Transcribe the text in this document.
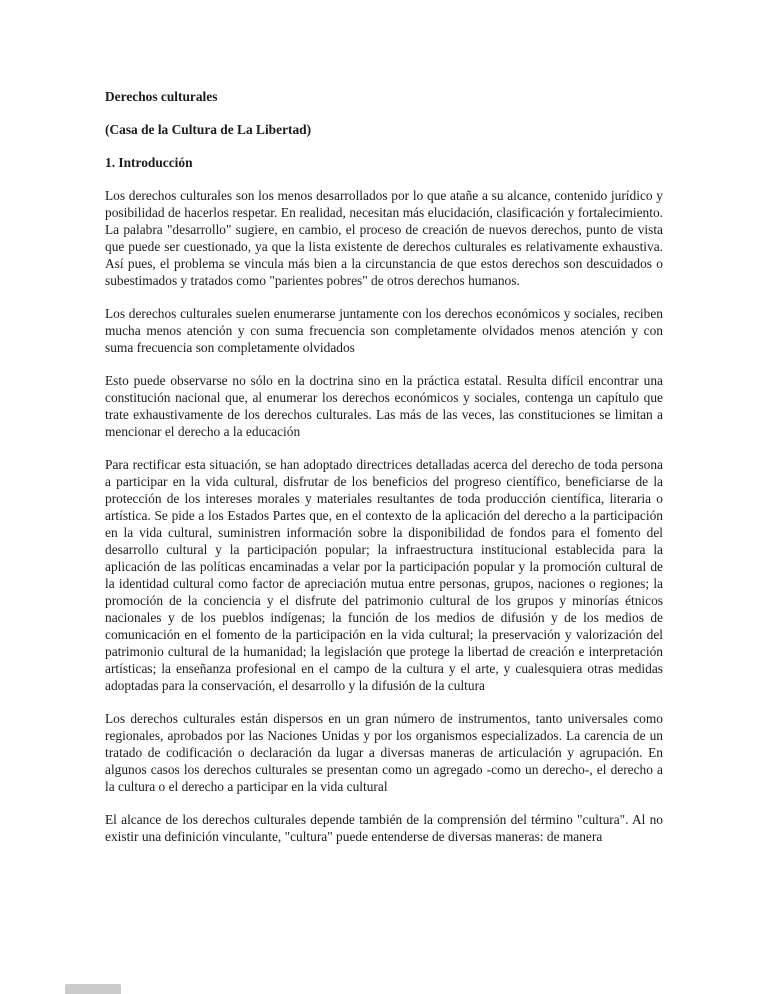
Derechos culturales

(Casa de la Cultura de La Libertad)

1. Introducción

Los derechos culturales son los menos desarrollados por lo que atañe a su alcance, contenido jurídico y posibilidad de hacerlos respetar. En realidad, necesitan más elucidación, clasificación y fortalecimiento. La palabra "desarrollo" sugiere, en cambio, el proceso de creación de nuevos derechos, punto de vista que puede ser cuestionado, ya que la lista existente de derechos culturales es relativamente exhaustiva. Así pues, el problema se vincula más bien a la circunstancia de que estos derechos son descuidados o subestimados y tratados como "parientes pobres" de otros derechos humanos.

Los derechos culturales suelen enumerarse juntamente con los derechos económicos y sociales, reciben mucha menos atención y con suma frecuencia son completamente olvidados menos atención y con suma frecuencia son completamente olvidados

Esto puede observarse no sólo en la doctrina sino en la práctica estatal. Resulta difícil encontrar una constitución nacional que, al enumerar los derechos económicos y sociales, contenga un capítulo que trate exhaustivamente de los derechos culturales. Las más de las veces, las constituciones se limitan a mencionar el derecho a la educación

Para rectificar esta situación, se han adoptado directrices detalladas acerca del derecho de toda persona a participar en la vida cultural, disfrutar de los beneficios del progreso científico, beneficiarse de la protección de los intereses morales y materiales resultantes de toda producción científica, literaria o artística. Se pide a los Estados Partes que, en el contexto de la aplicación del derecho a la participación en la vida cultural, suministren información sobre la disponibilidad de fondos para el fomento del desarrollo cultural y la participación popular; la infraestructura institucional establecida para la aplicación de las políticas encaminadas a velar por la participación popular y la promoción cultural de la identidad cultural como factor de apreciación mutua entre personas, grupos, naciones o regiones; la promoción de la conciencia y el disfrute del patrimonio cultural de los grupos y minorías étnicos nacionales y de los pueblos indígenas; la función de los medios de difusión y de los medios de comunicación en el fomento de la participación en la vida cultural; la preservación y valorización del patrimonio cultural de la humanidad; la legislación que protege la libertad de creación e interpretación artísticas; la enseñanza profesional en el campo de la cultura y el arte, y cualesquiera otras medidas adoptadas para la conservación, el desarrollo y la difusión de la cultura

Los derechos culturales están dispersos en un gran número de instrumentos, tanto universales como regionales, aprobados por las Naciones Unidas y por los organismos especializados. La carencia de un tratado de codificación o declaración da lugar a diversas maneras de articulación y agrupación. En algunos casos los derechos culturales se presentan como un agregado -como un derecho-, el derecho a la cultura o el derecho a participar en la vida cultural

El alcance de los derechos culturales depende también de la comprensión del término "cultura". Al no existir una definición vinculante, "cultura" puede entenderse de diversas maneras: de manera
